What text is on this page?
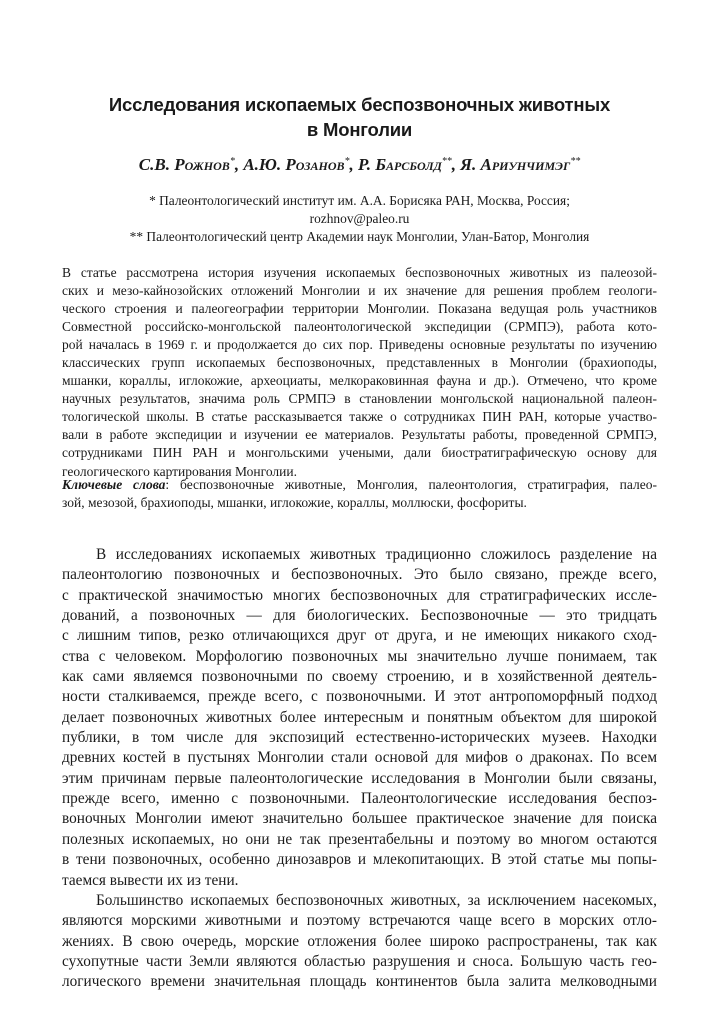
Исследования ископаемых беспозвоночных животных
в Монголии
С.В. Рожнов*, А.Ю. Розанов*, Р. Барсболд**, Я. Ариунчимэг**
* Палеонтологический институт им. А.А. Борисяка РАН, Москва, Россия;
rozhnov@paleo.ru
** Палеонтологический центр Академии наук Монголии, Улан-Батор, Монголия
В статье рассмотрена история изучения ископаемых беспозвоночных животных из палеозой-
ских и мезо-кайнозойских отложений Монголии и их значение для решения проблем геологи-
ческого строения и палеогеографии территории Монголии. Показана ведущая роль участников
Совместной российско-монгольской палеонтологической экспедиции (СРМПЭ), работа кото-
рой началась в 1969 г. и продолжается до сих пор. Приведены основные результаты по изучению
классических групп ископаемых беспозвоночных, представленных в Монголии (брахиоподы,
мшанки, кораллы, иглокожие, археоциаты, мелкораковинная фауна и др.). Отмечено, что кроме
научных результатов, значима роль СРМПЭ в становлении монгольской национальной палеон-
тологической школы. В статье рассказывается также о сотрудниках ПИН РАН, которые участво-
вали в работе экспедиции и изучении ее материалов. Результаты работы, проведенной СРМПЭ,
сотрудниками ПИН РАН и монгольскими учеными, дали биостратиграфическую основу для
геологического картирования Монголии.
Ключевые слова: беспозвоночные животные, Монголия, палеонтология, стратиграфия, палео-
зой, мезозой, брахиоподы, мшанки, иглокожие, кораллы, моллюски, фосфориты.
В исследованиях ископаемых животных традиционно сложилось разделение на
палеонтологию позвоночных и беспозвоночных. Это было связано, прежде всего,
с практической значимостью многих беспозвоночных для стратиграфических иссле-
дований, а позвоночных — для биологических. Беспозвоночные — это тридцать
с лишним типов, резко отличающихся друг от друга, и не имеющих никакого сход-
ства с человеком. Морфологию позвоночных мы значительно лучше понимаем, так
как сами являемся позвоночными по своему строению, и в хозяйственной деятель-
ности сталкиваемся, прежде всего, с позвоночными. И этот антропоморфный подход
делает позвоночных животных более интересным и понятным объектом для широкой
публики, в том числе для экспозиций естественно-исторических музеев. Находки
древних костей в пустынях Монголии стали основой для мифов о драконах. По всем
этим причинам первые палеонтологические исследования в Монголии были связаны,
прежде всего, именно с позвоночными. Палеонтологические исследования беспоз-
воночных Монголии имеют значительно большее практическое значение для поиска
полезных ископаемых, но они не так презентабельны и поэтому во многом остаются
в тени позвоночных, особенно динозавров и млекопитающих. В этой статье мы попы-
таемся вывести их из тени.
Большинство ископаемых беспозвоночных животных, за исключением насекомых,
являются морскими животными и поэтому встречаются чаще всего в морских отло-
жениях. В свою очередь, морские отложения более широко распространены, так как
сухопутные части Земли являются областью разрушения и сноса. Большую часть гео-
логического времени значительная площадь континентов была залита мелководными
